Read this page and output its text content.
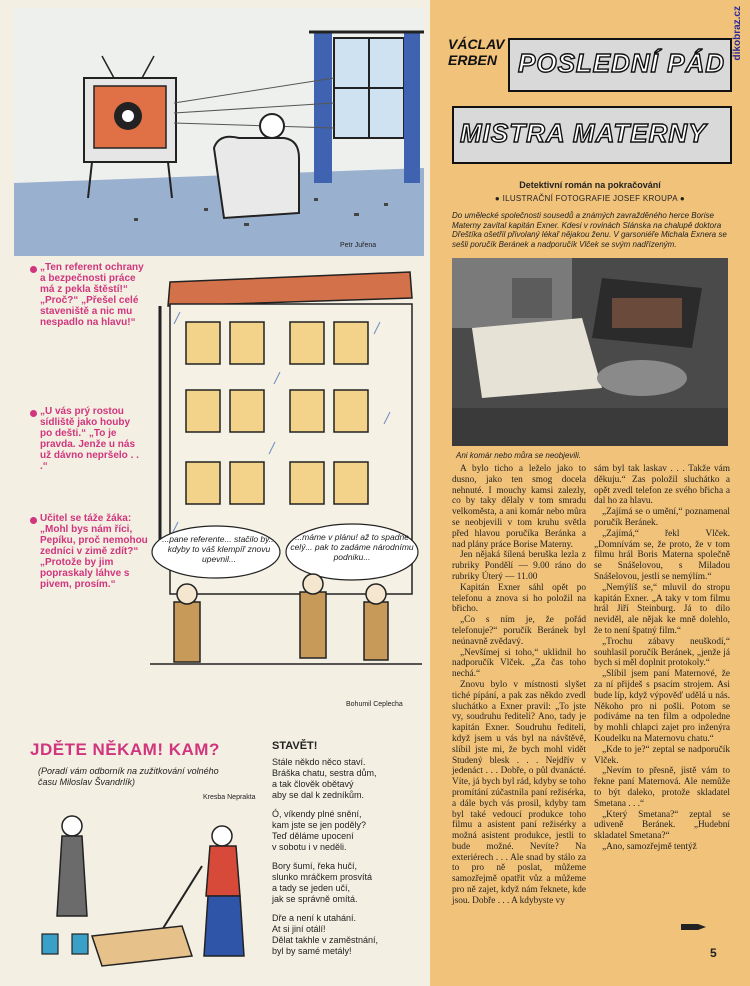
Petr Juřena
„Ten referent ochrany a bezpečnosti práce má z pekla štěstí!“ „Proč?“ „Přešel celé staveniště a nic mu nespadlo na hlavu!“
„U vás prý rostou sídliště jako houby po dešti.“ „To je pravda. Jenže u nás už dávno nepršelo . . .“
Učitel se táže žáka: „Mohl bys nám říci, Pepíku, proč nemohou zedníci v zimě zdít?“ „Protože by jim popraskaly láhve s pivem, prosím.“
...pane referente... stačilo by... kdyby to váš klempíř znovu upevnil...
...máme v plánu! až to spadne celý... pak to zadáme národnímu podniku...
Bohumil Ceplecha
JDĚTE NĚKAM! KAM?
(Poradí vám odborník na zužitkování volného času Miloslav Švandrlík)
Kresba Neprakta
STAVĚT!
Stále někdo něco staví.
Bráška chatu, sestra dům,
a tak člověk obětavý
aby se dal k zedníkům.
Ó, víkendy plné snění,
kam jste se jen poděly?
Teď děláme upocení
v sobotu i v neděli.
Bory šumí, řeka hučí,
slunko mráčkem prosvítá
a tady se jeden učí,
jak se správně omítá.
Dře a není k utahání.
At si jiní otálí!
Dělat takhle v zaměstnání,
byl by samé metály!
dikobraz.cz
VÁCLAV
ERBEN POSLEDNÍ PÁD
MISTRA MATERNY
Detektivní román na pokračování
● ILUSTRAČNÍ FOTOGRAFIE JOSEF KROUPA ●
Do umělecké společnosti sousedů a známých zavražděného herce Borise Materny zavítal kapitán Exner. Kdesi v rovinách Slánska na chalupě doktora Dřeštíka ošetřil přivolaný lékař nějakou ženu. V garsoniéře Michala Exnera se sešli poručík Beránek a nadporučík Vlček se svým nadřízeným.
Ani komár nebo můra se neobjevili.

A bylo ticho a leželo jako to dusno, jako ten smog docela nehnuté. I mouchy kamsi zalezly, co by taky dělaly v tom smradu velkoměsta, a ani komár nebo můra se neobjevili v tom kruhu světla před hlavou poručíka Beránka a nad plány práce Borise Materny.

Jen nějaká šílená beruška lezla z rubriky Pondělí — 9.00 ráno do rubriky Úterý — 11.00

Kapitán Exner sáhl opět po telefonu a znova si ho položil na břicho.

„Co s ním je, že pořád telefonuje?“ poručík Beránek byl neúnavně zvědavý.

„Nevšímej si toho,“ uklidnil ho nadporučík Vlček. „Za čas toho nechá.“

Znovu bylo v místnosti slyšet tiché pípání, a pak zas někdo zvedl sluchátko a Exner pravil: „To jste vy, soudruhu řediteli? Ano, tady je kapitán Exner. Soudruhu řediteli, když jsem u vás byl na návštěvě, slíbil jste mi, že bych mohl vidět Studený blesk . . . Nejdřív v jedenáct . . . Dobře, o půl dvanácté. Víte, já bych byl rád, kdyby se toho promítání zúčastnila paní režisérka, a dále bych vás prosil, kdyby tam byl také vedoucí produkce toho filmu a asistent paní režisérky a možná asistent produkce, jestli to bude možné. Nevíte? Na exteriérech . . . Ale snad by stálo za to pro ně poslat, můžeme samozřejmě opatřit vůz a můžeme pro ně zajet, když nám řeknete, kde jsou. Dobře . . . A kdybyste vy

sám byl tak laskav . . . Takže vám děkuju.“ Zas položil sluchátko a opět zvedl telefon ze svého břicha a dal ho za hlavu.

„Zajímá se o umění,“ poznamenal poručík Beránek.

„Zajímá,“ řekl Vlček. „Domnívám se, že proto, že v tom filmu hrál Boris Materna společně se Snášelovou, s Miladou Snášelovou, jestli se nemýlím.“

„Nemýlíš se,“ mluvil do stropu kapitán Exner. „A taky v tom filmu hrál Jiří Steinburg. Já to dílo neviděl, ale nějak ke mně dolehlo, že to není špatný film.“

„Trochu zábavy neuškodí,“ souhlasil poručík Beránek, „jenže já bych si měl doplnit protokoly.“

„Slíbil jsem paní Maternové, že za ní přijdeš s psacím strojem. Asi bude líp, když výpověď udělá u nás. Někoho pro ni pošli. Potom se podíváme na ten film a odpoledne by mohli chlapci zajet pro inženýra Koudelku na Maternovu chatu.“

„Kde to je?“ zeptal se nadporučík Vlček.

„Nevím to přesně, jistě vám to řekne paní Maternová. Ale nemůže to být daleko, protože skladatel Smetana . . .“

„Který Smetana?“ zeptal se udiveně Beránek. „Hudební skladatel Smetana?“

„Ano, samozřejmě tentýž

5
